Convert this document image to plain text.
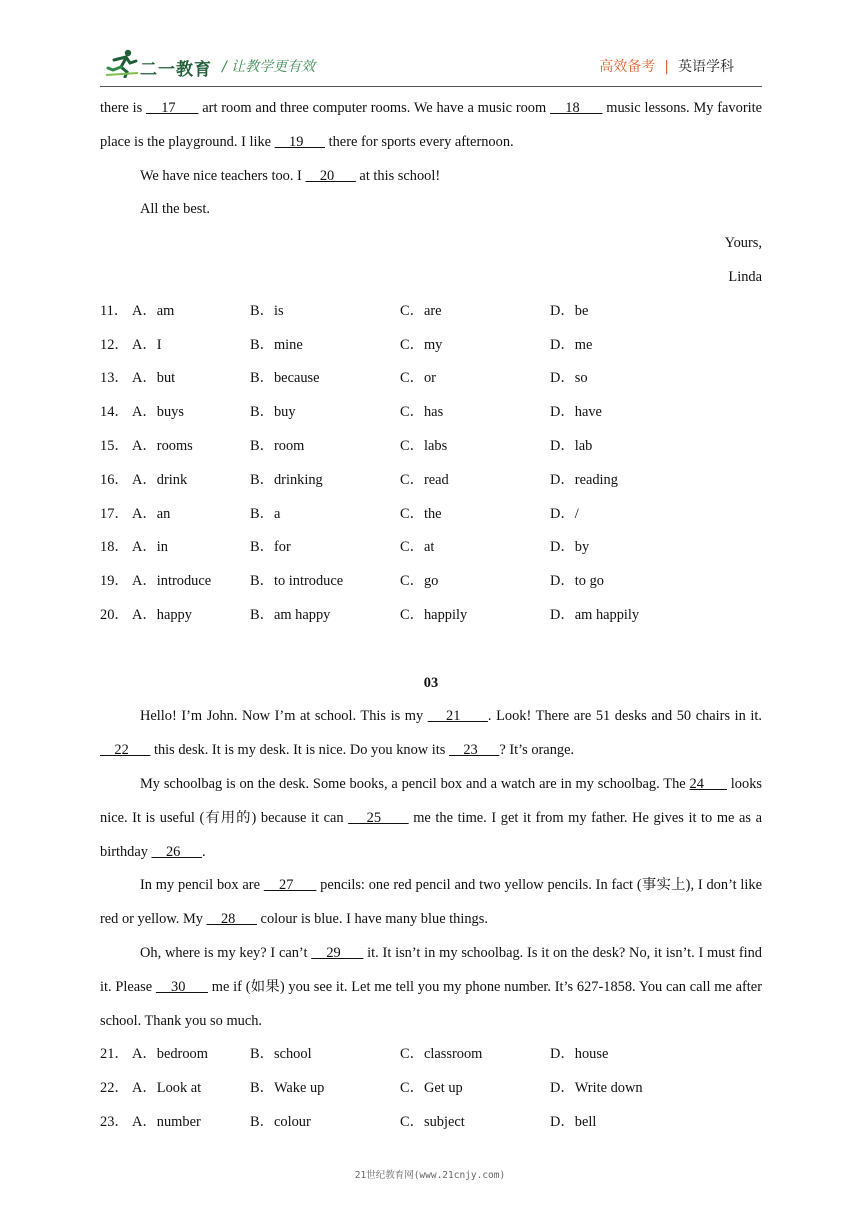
二一教育 / 让教学更有效	高效备考 | 英语学科

there is     17       art room and three computer rooms. We have a music room     18       music lessons. My favorite place is the playground. I like     19       there for sports every afternoon.

We have nice teachers too. I     20       at this school!

All the best.

Yours,

Linda

11． A．am	B．is	C．are	D．be
12． A．I	B．mine	C．my	D．me
13． A．but	B．because	C．or	D．so
14． A．buys	B．buy	C．has	D．have
15． A．rooms	B．room	C．labs	D．lab
16． A．drink	B．drinking	C．read	D．reading
17． A．an	B．a	C．the	D．/
18． A．in	B．for	C．at	D．by
19． A．introduce	B．to introduce	C．go	D．to go
20． A．happy	B．am happy	C．happily	D．am happily

03

Hello! I’m John. Now I’m at school. This is my     21      . Look! There are 51 desks and 50 chairs in it.     22       this desk. It is my desk. It is nice. Do you know its     23      ? It’s orange.

My schoolbag is on the desk. Some books, a pencil box and a watch are in my schoolbag. The 24       looks nice. It is useful (有用的) because it can     25       me the time. I get it from my father. He gives it to me as a birthday     26      .

In my pencil box are     27       pencils: one red pencil and two yellow pencils. In fact (事实上), I don’t like red or yellow. My     28       colour is blue. I have many blue things.

Oh, where is my key? I can’t     29       it. It isn’t in my schoolbag. Is it on the desk? No, it isn’t. I must find it. Please     30       me if (如果) you see it. Let me tell you my phone number. It’s 627-1858. You can call me after school. Thank you so much.

21． A．bedroom	B．school	C．classroom	D．house
22． A．Look at	B．Wake up	C．Get up	D．Write down
23． A．number	B．colour	C．subject	D．bell
21世纪教育网(www.21cnjy.com)
